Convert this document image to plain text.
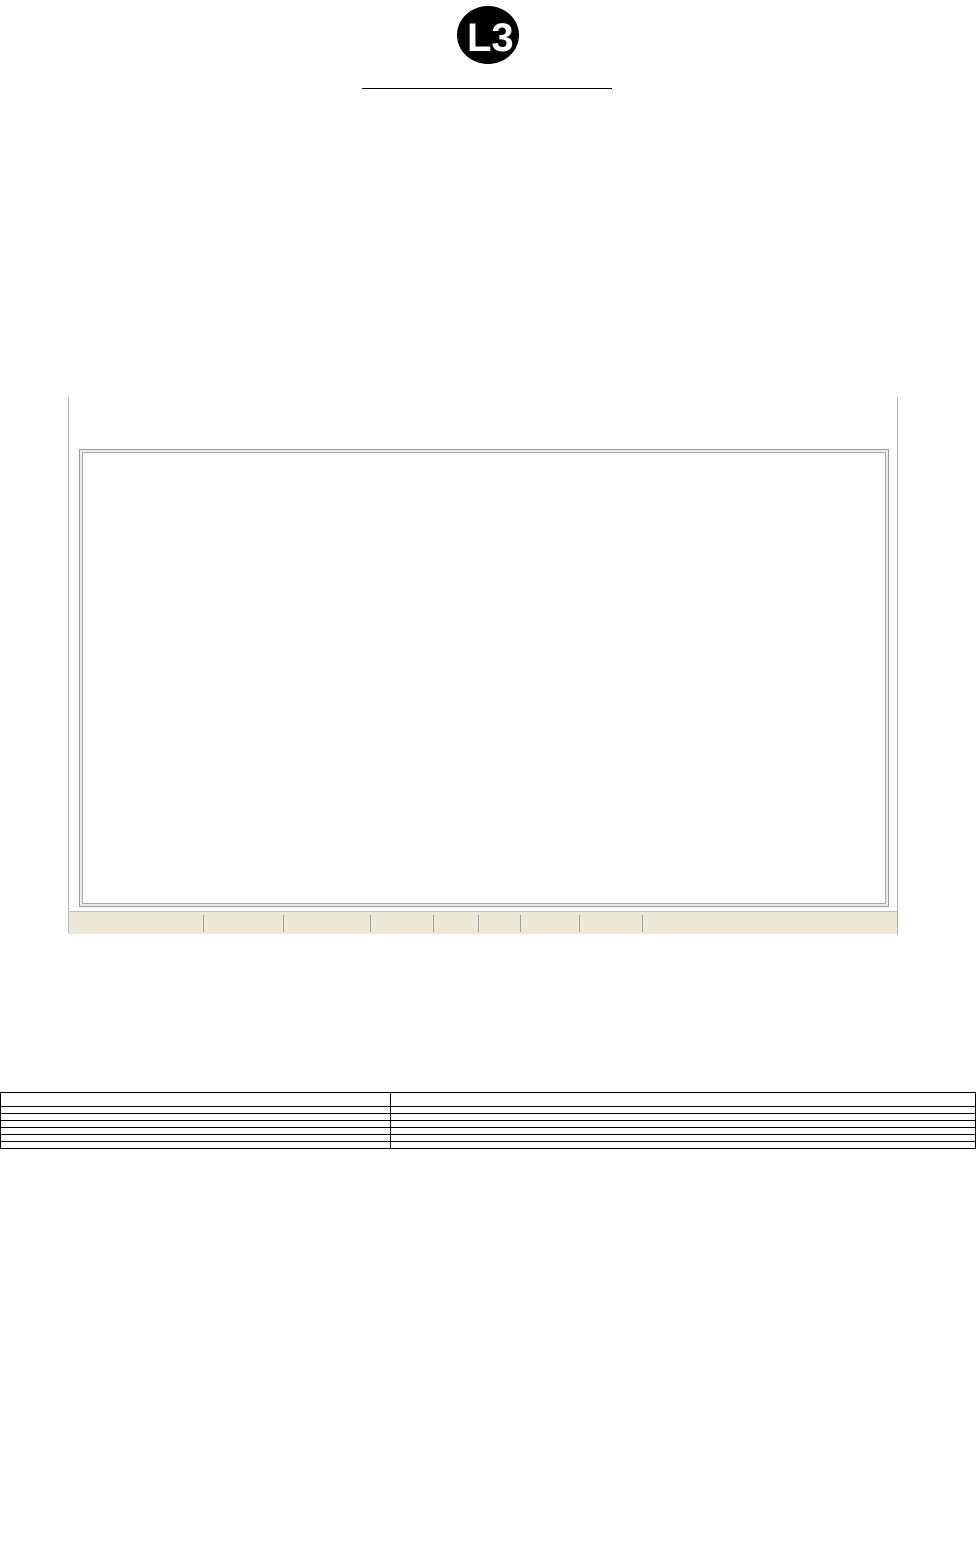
L3
